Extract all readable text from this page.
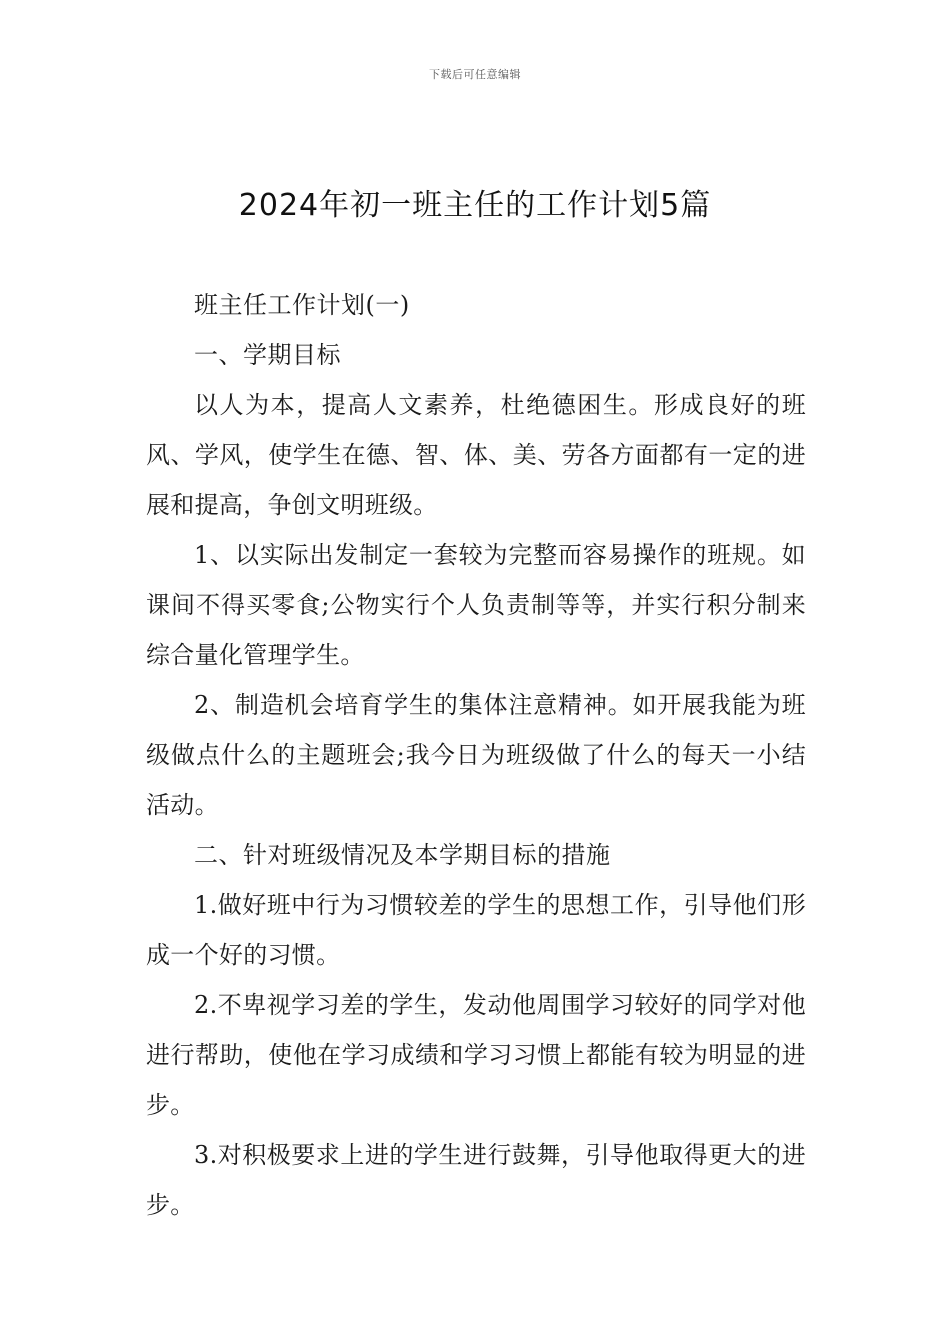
下载后可任意编辑
2024年初一班主任的工作计划5篇

班主任工作计划(一)

一、学期目标

以人为本，提高人文素养，杜绝德困生。形成良好的班风、学风，使学生在德、智、体、美、劳各方面都有一定的进展和提高，争创文明班级。

1、以实际出发制定一套较为完整而容易操作的班规。如课间不得买零食;公物实行个人负责制等等，并实行积分制来综合量化管理学生。

2、制造机会培育学生的集体注意精神。如开展我能为班级做点什么的主题班会;我今日为班级做了什么的每天一小结活动。

二、针对班级情况及本学期目标的措施

1.做好班中行为习惯较差的学生的思想工作，引导他们形成一个好的习惯。

2.不卑视学习差的学生，发动他周围学习较好的同学对他进行帮助，使他在学习成绩和学习习惯上都能有较为明显的进步。

3.对积极要求上进的学生进行鼓舞，引导他取得更大的进步。
